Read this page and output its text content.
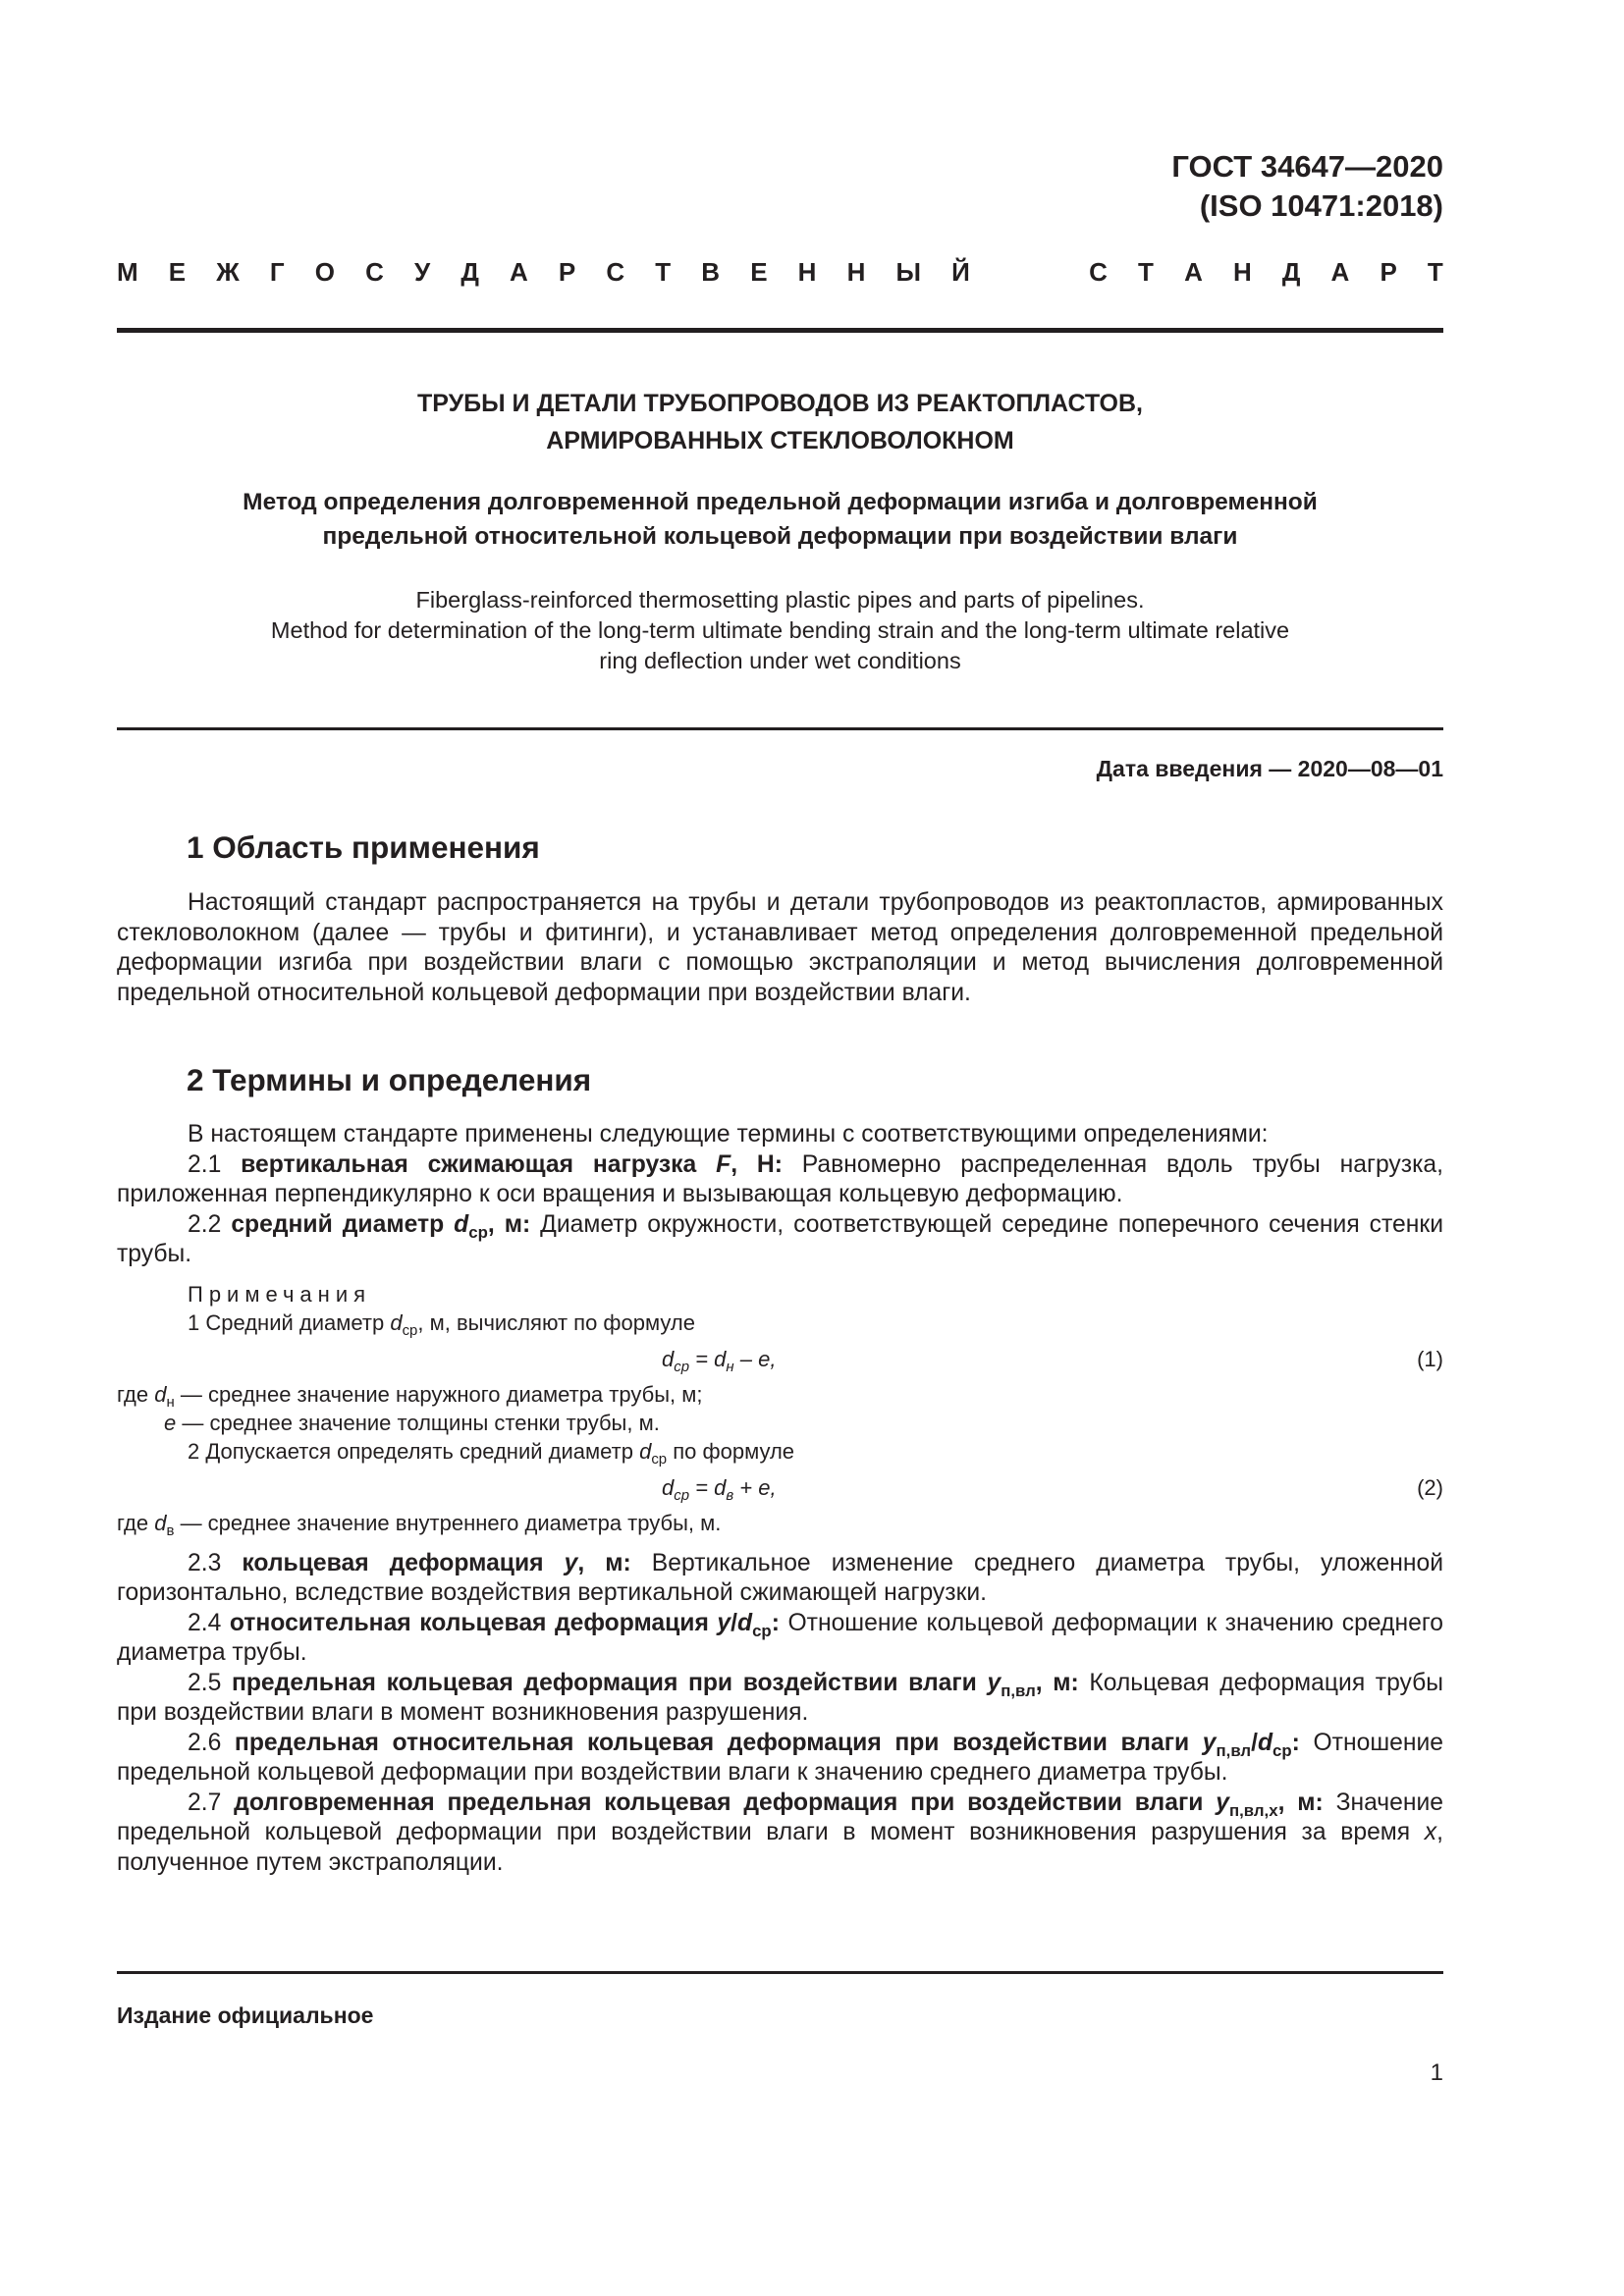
ГОСТ 34647—2020
(ISO 10471:2018)
М Е Ж Г О С У Д А Р С Т В Е Н Н Ы Й	С Т А Н Д А Р Т
ТРУБЫ И ДЕТАЛИ ТРУБОПРОВОДОВ ИЗ РЕАКТОПЛАСТОВ,
АРМИРОВАННЫХ СТЕКЛОВОЛОКНОМ
Метод определения долговременной предельной деформации изгиба и долговременной
предельной относительной кольцевой деформации при воздействии влаги
Fiberglass-reinforced thermosetting plastic pipes and parts of pipelines.
Method for determination of the long-term ultimate bending strain and the long-term ultimate relative
ring deflection under wet conditions
Дата введения — 2020—08—01
1 Область применения

Настоящий стандарт распространяется на трубы и детали трубопроводов из реактопластов, армированных стекловолокном (далее — трубы и фитинги), и устанавливает метод определения долговременной предельной деформации изгиба при воздействии влаги с помощью экстраполяции и метод вычисления долговременной предельной относительной кольцевой деформации при воздействии влаги.

2 Термины и определения

В настоящем стандарте применены следующие термины с соответствующими определениями:

2.1 вертикальная сжимающая нагрузка F, Н: Равномерно распределенная вдоль трубы нагрузка, приложенная перпендикулярно к оси вращения и вызывающая кольцевую деформацию.

2.2 средний диаметр $d_{ср}$, м: Диаметр окружности, соответствующей середине поперечного сечения стенки трубы.

Примечания
1 Средний диаметр $d_{ср}$, м, вычисляют по формуле
$d_{ср} = d_н - e$,	(1)
где $d_н$ — среднее значение наружного диаметра трубы, м;
e — среднее значение толщины стенки трубы, м.
2 Допускается определять средний диаметр $d_{ср}$ по формуле
$d_{ср} = d_в + e$,	(2)
где $d_в$ — среднее значение внутреннего диаметра трубы, м.

2.3 кольцевая деформация y, м: Вертикальное изменение среднего диаметра трубы, уложенной горизонтально, вследствие воздействия вертикальной сжимающей нагрузки.

2.4 относительная кольцевая деформация $y/d_{ср}$: Отношение кольцевой деформации к значению среднего диаметра трубы.

2.5 предельная кольцевая деформация при воздействии влаги $y_{п,вл}$, м: Кольцевая деформация трубы при воздействии влаги в момент возникновения разрушения.

2.6 предельная относительная кольцевая деформация при воздействии влаги $y_{п,вл}/d_{ср}$: Отношение предельной кольцевой деформации при воздействии влаги к значению среднего диаметра трубы.

2.7 долговременная предельная кольцевая деформация при воздействии влаги $y_{п,вл,x}$, м: Значение предельной кольцевой деформации при воздействии влаги в момент возникновения разрушения за время x, полученное путем экстраполяции.

Издание официальное
1
